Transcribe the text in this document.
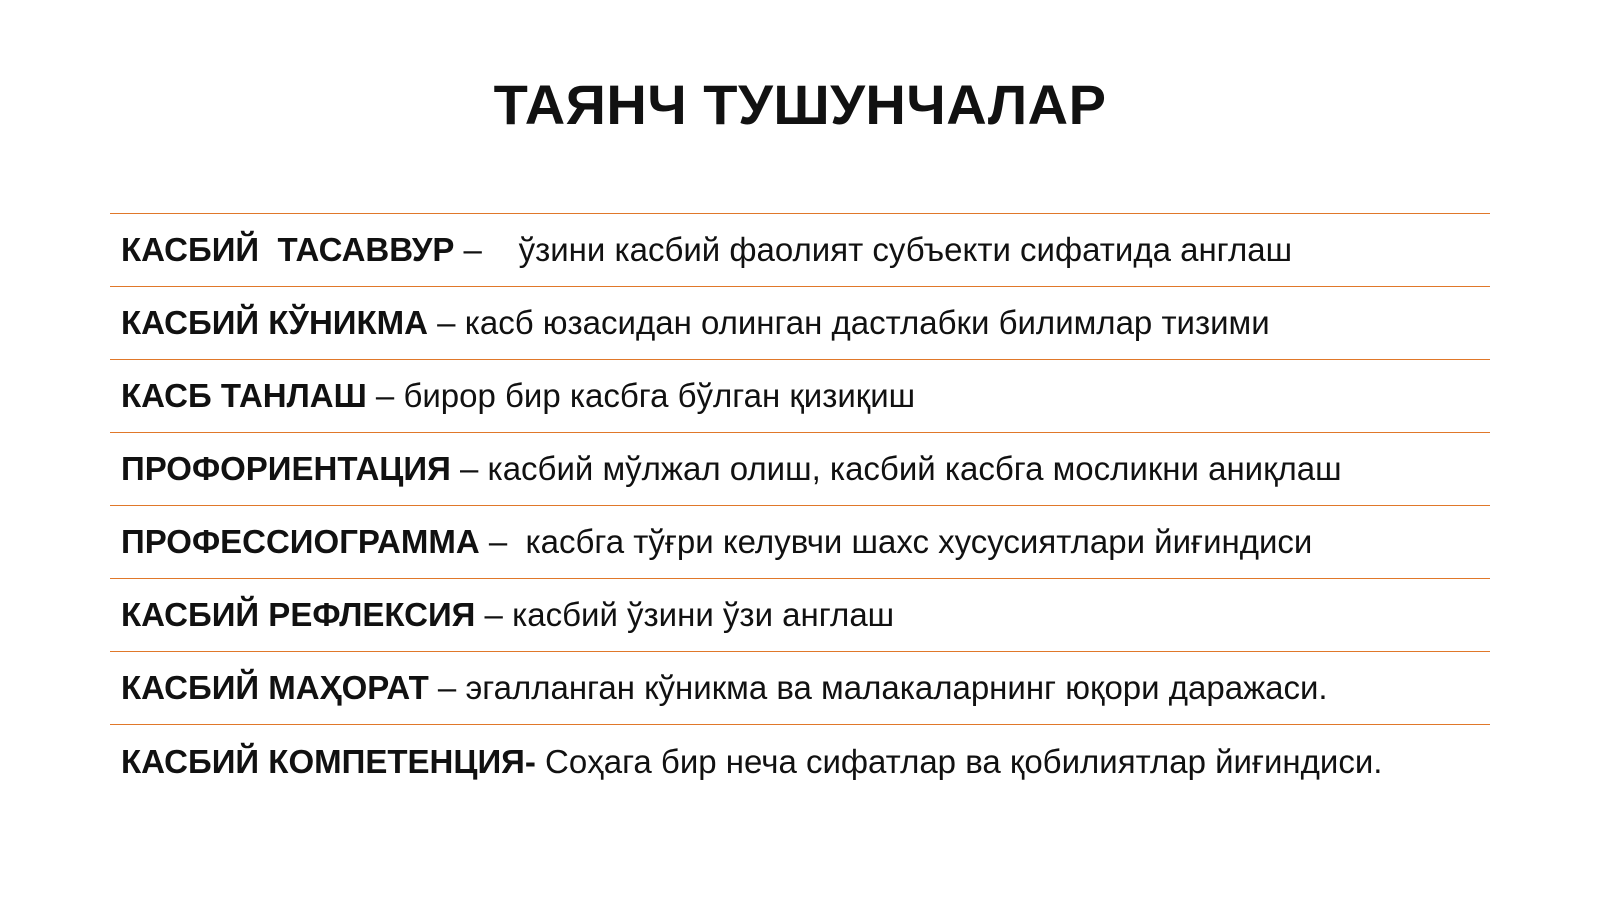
ТАЯНЧ ТУШУНЧАЛАР
КАСБИЙ  ТАСАВВУР – ўзини касбий фаолият субъекти сифатида англаш
КАСБИЙ КЎНИКМА – касб юзасидан олинган дастлабки билимлар тизими
КАСБ ТАНЛАШ – бирор бир касбга бўлган қизиқиш
ПРОФОРИЕНТАЦИЯ – касбий мўлжал олиш, касбий касбга мосликни аниқлаш
ПРОФЕССИОГРАММА – касбга тўғри келувчи шахс хусусиятлари йиғиндиси
КАСБИЙ РЕФЛЕКСИЯ – касбий ўзини ўзи англаш
КАСБИЙ МАҲОРАТ – эгалланган кўникма ва малакаларнинг юқори даражаси.
КАСБИЙ КОМПЕТЕНЦИЯ-
Соҳага бир неча сифатлар ва қобилиятлар йиғиндиси.
